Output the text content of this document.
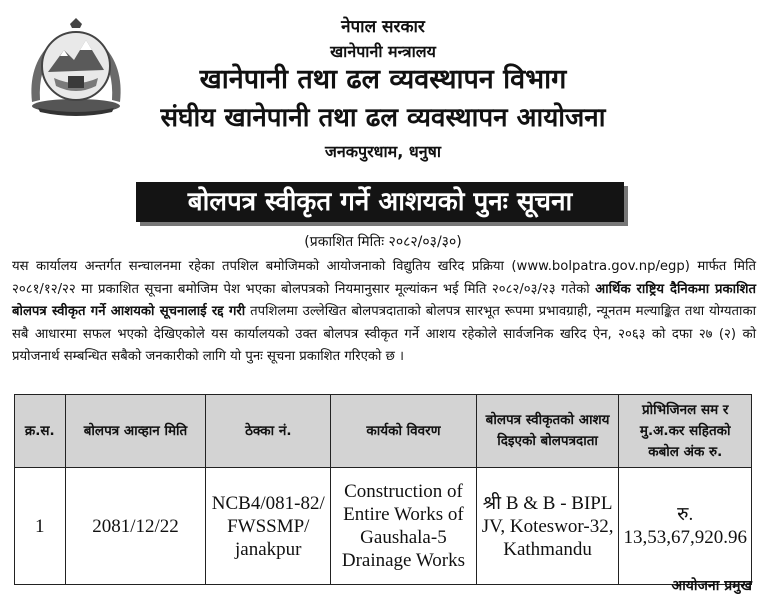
नेपाल सरकार
खानेपानी मन्त्रालय
खानेपानी तथा ढल व्यवस्थापन विभाग
संघीय खानेपानी तथा ढल व्यवस्थापन आयोजना
जनकपुरधाम, धनुषा
बोलपत्र स्वीकृत गर्ने आशयको पुनः सूचना
(प्रकाशित मितिः २०८२/०३/३०)

यस कार्यालय अन्तर्गत सन्चालनमा रहेका तपशिल बमोजिमको आयोजनाको विद्युतिय खरिद प्रक्रिया (www.bolpatra.gov.np/egp) मार्फत मिति २०८१/१२/२२ मा प्रकाशित सूचना बमोजिम पेश भएका बोलपत्रको नियमानुसार मूल्यांकन भई मिति २०८२/०३/२३ गतेको आर्थिक राष्ट्रिय दैनिकमा प्रकाशित बोलपत्र स्वीकृत गर्ने आशयको सूचनालाई रद्द गरी तपशिलमा उल्लेखित बोलपत्रदाताको बोलपत्र सारभूत रूपमा प्रभावग्राही, न्यूनतम मल्याङ्कित तथा योग्यताका सबै आधारमा सफल भएको देखिएकोले यस कार्यालयको उक्त बोलपत्र स्वीकृत गर्ने आशय रहेकोले सार्वजनिक खरिद ऐन, २०६३ को दफा २७ (२) को प्रयोजनार्थ सम्बन्धित सबैको जनकारीको लागि यो पुनः सूचना प्रकाशित गरिएको छ ।

क्र.स.	बोलपत्र आव्हान मिति	ठेक्का नं.	कार्यको विवरण	बोलपत्र स्वीकृतको आशय दिइएको बोलपत्रदाता	प्रोभिजिनल सम र मु.अ.कर सहितको कबोल अंक रु.
1	2081/12/22	NCB4/081-82/ FWSSMP/ janakpur	Construction of Entire Works of Gaushala-5 Drainage Works	श्री B & B - BIPL JV, Koteswor-32, Kathmandu	रु. 13,53,67,920.96
आयोजना प्रमुख
